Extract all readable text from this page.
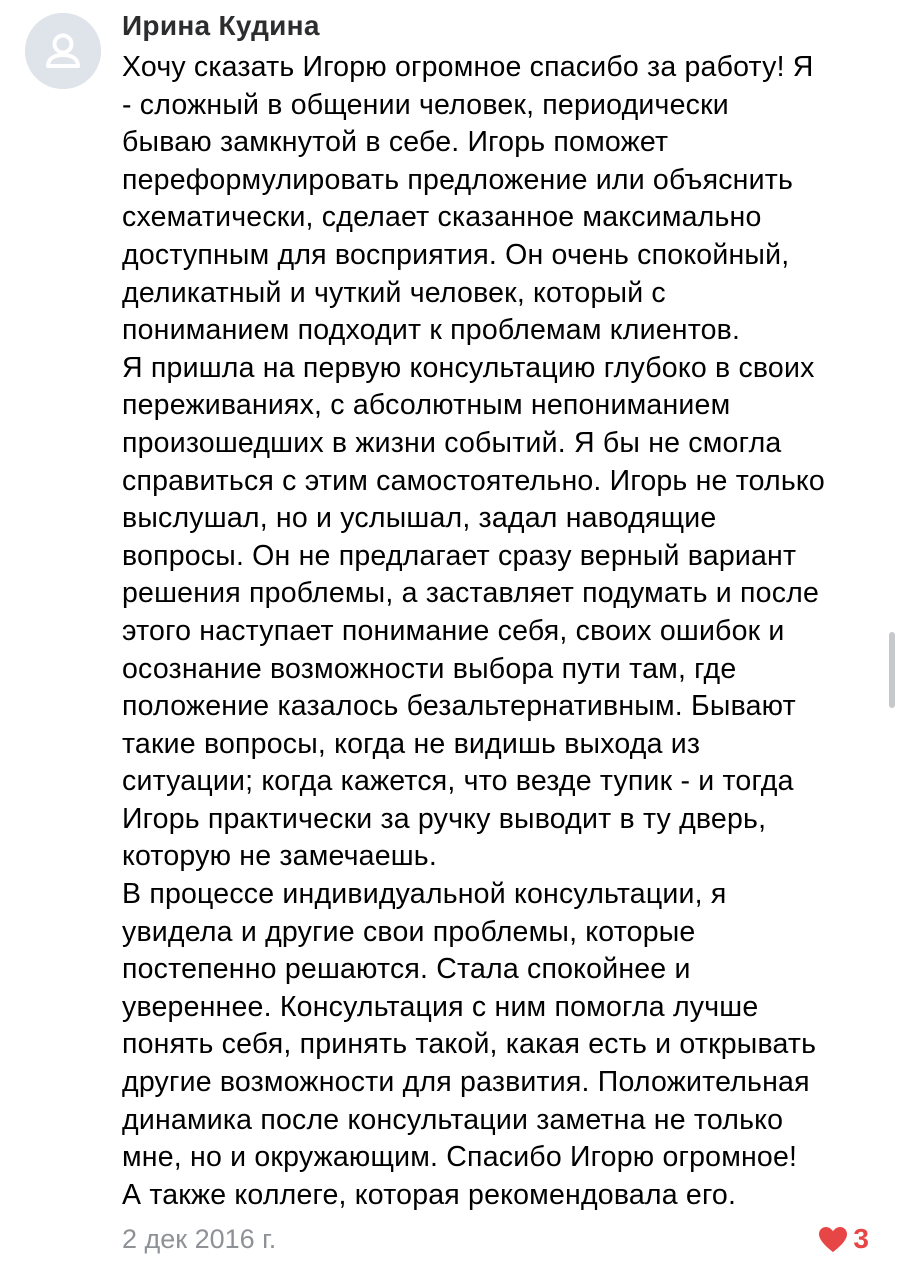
Ирина Кудина
Хочу сказать Игорю огромное спасибо за работу! Я
- сложный в общении человек, периодически
бываю замкнутой в себе. Игорь поможет
переформулировать предложение или объяснить
схематически, сделает сказанное максимально
доступным для восприятия. Он очень спокойный,
деликатный и чуткий человек, который с
пониманием подходит к проблемам клиентов.
Я пришла на первую консультацию глубоко в своих
переживаниях, с абсолютным непониманием
произошедших в жизни событий. Я бы не смогла
справиться с этим самостоятельно. Игорь не только
выслушал, но и услышал, задал наводящие
вопросы. Он не предлагает сразу верный вариант
решения проблемы, а заставляет подумать и после
этого наступает понимание себя, своих ошибок и
осознание возможности выбора пути там, где
положение казалось безальтернативным. Бывают
такие вопросы, когда не видишь выхода из
ситуации; когда кажется, что везде тупик - и тогда
Игорь практически за ручку выводит в ту дверь,
которую не замечаешь.
В процессе индивидуальной консультации, я
увидела и другие свои проблемы, которые
постепенно решаются. Стала спокойнее и
увереннее. Консультация с ним помогла лучше
понять себя, принять такой, какая есть и открывать
другие возможности для развития. Положительная
динамика после консультации заметна не только
мне, но и окружающим. Спасибо Игорю огромное!
А также коллеге, которая рекомендовала его.
2 дек 2016 г.	3
